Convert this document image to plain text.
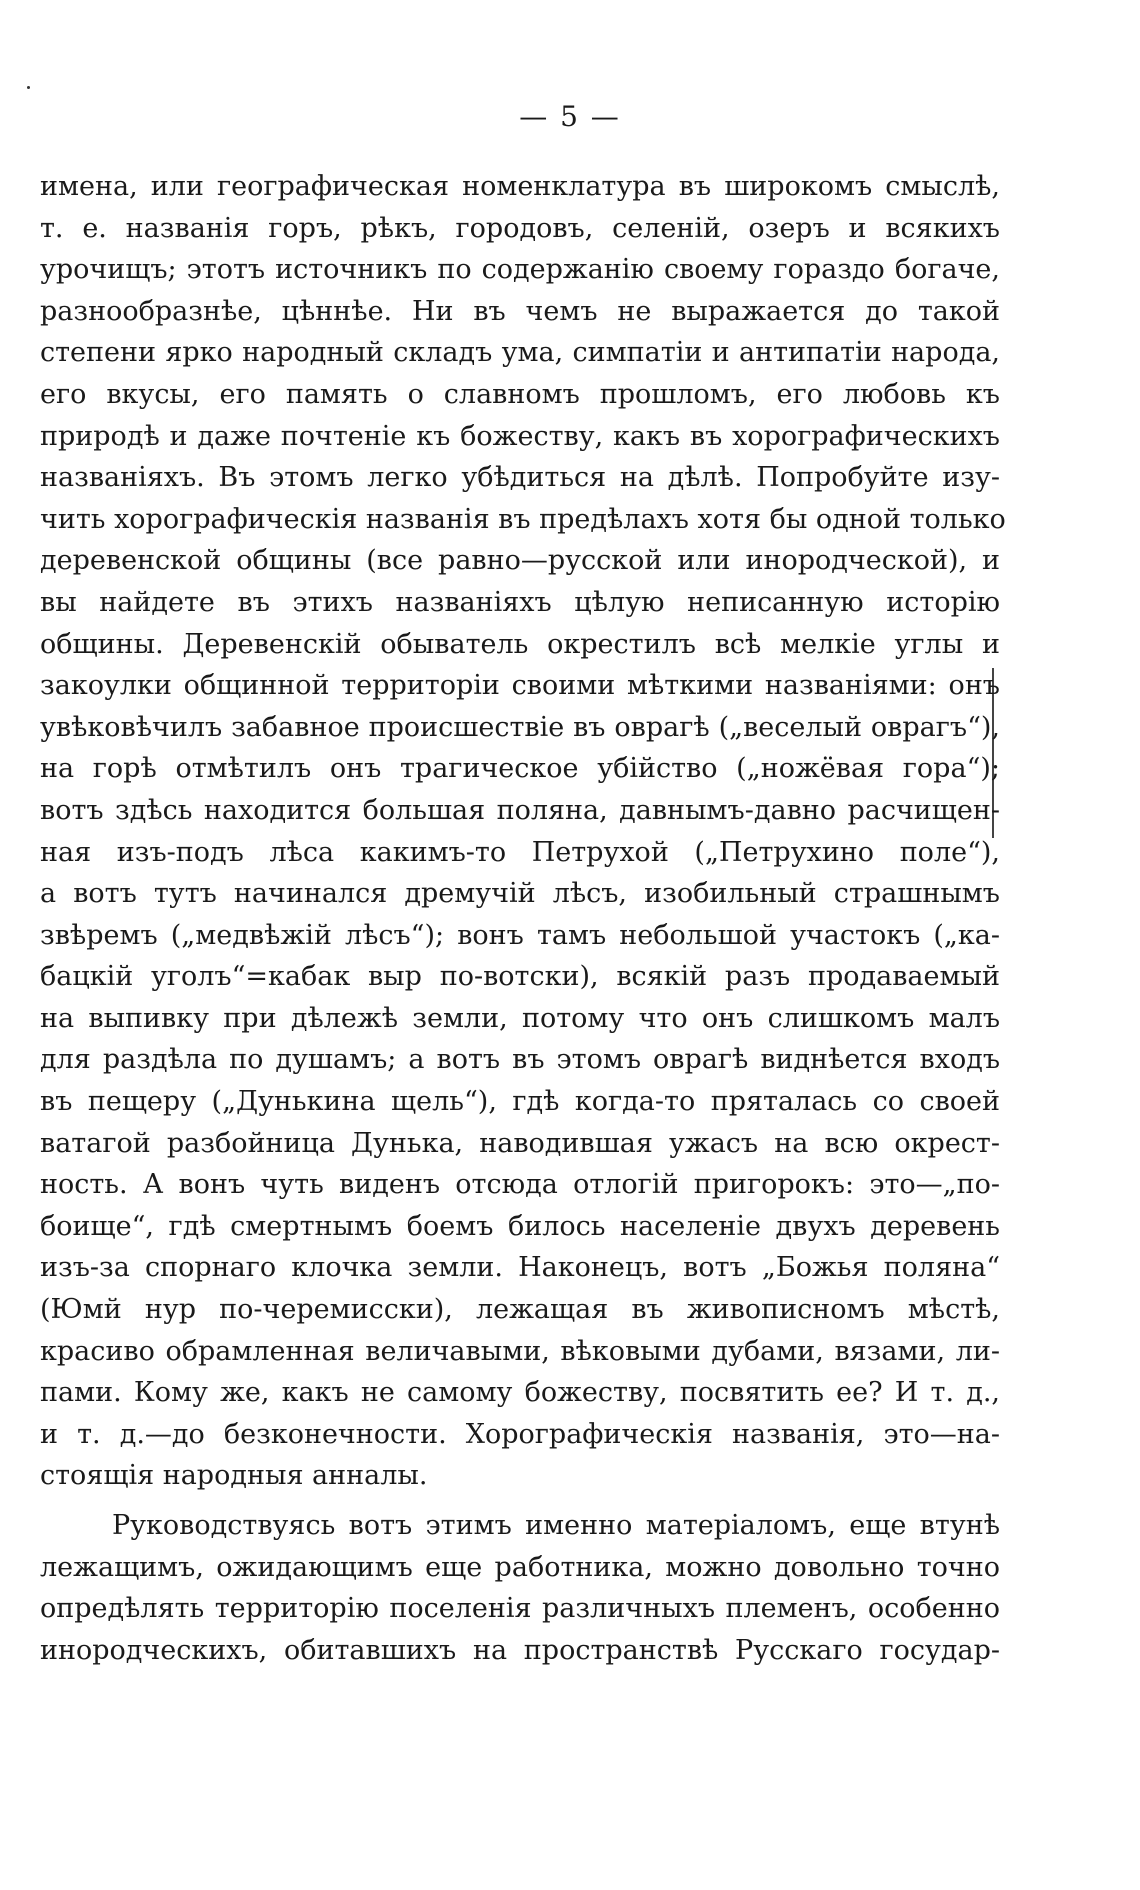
— 5 —
имена, или географическая номенклатура въ широкомъ смыслѣ,
т. е. названія горъ, рѣкъ, городовъ, селеній, озеръ и всякихъ
урочищъ; этотъ источникъ по содержанію своему гораздо богаче,
разнообразнѣе, цѣннѣе. Ни въ чемъ не выражается до такой
степени ярко народный складъ ума, симпатіи и антипатіи народа,
его вкусы, его память о славномъ прошломъ, его любовь къ
природѣ и даже почтеніе къ божеству, какъ въ хорографическихъ
названіяхъ. Въ этомъ легко убѣдиться на дѣлѣ. Попробуйте изу-
чить хорографическія названія въ предѣлахъ хотя бы одной только
деревенской общины (все равно—русской или инородческой), и
вы найдете въ этихъ названіяхъ цѣлую неписанную исторію
общины. Деревенскій обыватель окрестилъ всѣ мелкіе углы и
закоулки общинной территоріи своими мѣткими названіями: онъ
увѣковѣчилъ забавное происшествіе въ оврагѣ („веселый оврагъ“),
на горѣ отмѣтилъ онъ трагическое убійство („ножёвая гора“);
вотъ здѣсь находится большая поляна, давнымъ-давно расчищен-
ная изъ-подъ лѣса какимъ-то Петрухой („Петрухино поле“),
а вотъ тутъ начинался дремучій лѣсъ, изобильный страшнымъ
звѣремъ („медвѣжій лѣсъ“); вонъ тамъ небольшой участокъ („ка-
бацкій уголъ“=кабак выр по-вотски), всякій разъ продаваемый
на выпивку при дѣлежѣ земли, потому что онъ слишкомъ малъ
для раздѣла по душамъ; а вотъ въ этомъ оврагѣ виднѣется входъ
въ пещеру („Дунькина щель“), гдѣ когда-то пряталась со своей
ватагой разбойница Дунька, наводившая ужасъ на всю окрест-
ность. А вонъ чуть виденъ отсюда отлогій пригорокъ: это—„по-
боище“, гдѣ смертнымъ боемъ билось населеніе двухъ деревень
изъ-за спорнаго клочка земли. Наконецъ, вотъ „Божья поляна“
(Юмй нур по-черемисски), лежащая въ живописномъ мѣстѣ,
красиво обрамленная величавыми, вѣковыми дубами, вязами, ли-
пами. Кому же, какъ не самому божеству, посвятить ее? И т. д.,
и т. д.—до безконечности. Хорографическія названія, это—на-
стоящія народныя анналы.
Руководствуясь вотъ этимъ именно матеріаломъ, еще втунѣ
лежащимъ, ожидающимъ еще работника, можно довольно точно
опредѣлять территорію поселенія различныхъ племенъ, особенно
инородческихъ, обитавшихъ на пространствѣ Русскаго государ-
